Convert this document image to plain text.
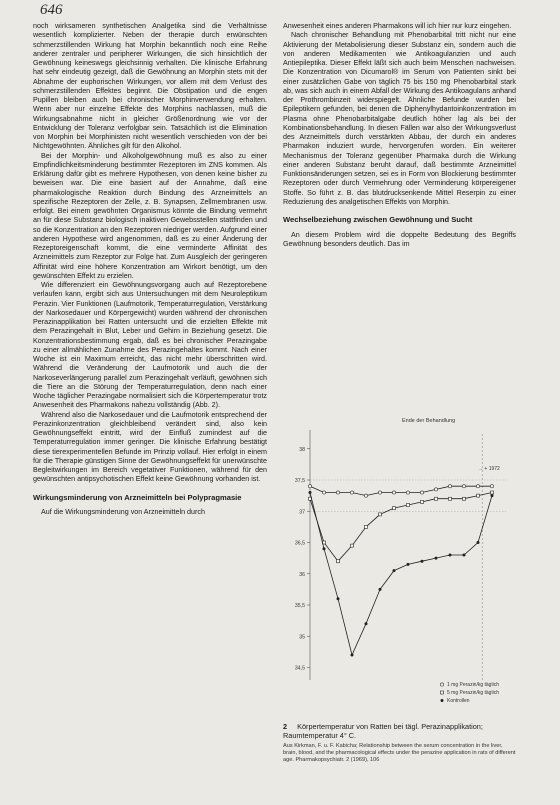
646

noch wirksameren synthetischen Analgetika sind die Verhältnisse wesentlich komplizierter. Neben der therapie durch erwünschten schmerzstillenden Wirkung hat Morphin bekanntlich noch eine Reihe anderer zentraler und peripherer Wirkungen, die sich hinsichtlich der Gewöhnung keineswegs gleichsinnig verhalten. Die klinische Erfahrung hat sehr eindeutig gezeigt, daß die Gewöhnung an Morphin stets mit der Abnahme der euphorischen Wirkungen, vor allem mit dem Verlust des schmerzstillenden Effektes beginnt. Die Obstipation und die engen Pupillen bleiben auch bei chronischer Morphinverwendung erhalten. Wenn aber nur einzelne Effekte des Morphins nachlassen, muß die Wirkungsabnahme nicht in gleicher Größenordnung wie vor der Entwicklung der Toleranz verfolgbar sein. Tatsächlich ist die Elimination von Morphin bei Morphinisten nicht wesentlich verschieden von der bei Nichtgewöhnten. Ähnliches gilt für den Alkohol.

Bei der Morphin- und Alkoholgewöhnung muß es also zu einer Empfindlichkeitsminderung bestimmter Rezeptoren im ZNS kommen. Als Erklärung dafür gibt es mehrere Hypothesen, von denen keine bisher zu beweisen war. Die eine basiert auf der Annahme, daß eine pharmakologische Reaktion durch Bindung des Arzneimittels an spezifische Rezeptoren der Zelle, z. B. Synapsen, Zellmembranen usw. erfolgt. Bei einem gewöhnten Organismus könnte die Bindung vermehrt an für diese Substanz biologisch inaktiven Gewebsstellen stattfinden und so die Konzentration an den Rezeptoren niedriger werden. Aufgrund einer anderen Hypothese wird angenommen, daß es zu einer Änderung der Rezeptoreigenschaft kommt, die eine verminderte Affinität des Arzneimittels zum Rezeptor zur Folge hat. Zum Ausgleich der geringeren Affinität wird eine höhere Konzentration am Wirkort benötigt, um den gewünschten Effekt zu erzielen.

Wie differenziert ein Gewöhnungsvorgang auch auf Rezeptorebene verlaufen kann, ergibt sich aus Untersuchungen mit dem Neuroleptikum Perazin. Vier Funktionen (Laufmotorik, Temperaturregulation, Verstärkung der Narkosedauer und Körpergewicht) wurden während der chronischen Perazinapplikation bei Ratten untersucht und die erzielten Effekte mit dem Perazingehalt in Blut, Leber und Gehirn in Beziehung gesetzt. Die Konzentrationsbestimmung ergab, daß es bei chronischer Perazingabe zu einer allmählichen Zunahme des Perazingehaltes kommt. Nach einer Woche ist ein Maximum erreicht, das nicht mehr überschritten wird. Während die Veränderung der Laufmotorik und auch die der Narkoseverlängerung parallel zum Perazingehalt verläuft, gewöhnen sich die Tiere an die Störung der Temperaturregulation, denn nach einer Woche täglicher Perazingabe normalisiert sich die Körpertemperatur trotz Anwesenheit des Pharmakons nahezu vollständig (Abb. 2).

Während also die Narkosedauer und die Laufmotorik entsprechend der Perazinkonzentration gleichbleibend verändert sind, also kein Gewöhnungseffekt eintritt, wird der Einfluß zumindest auf die Temperaturregulation immer geringer. Die klinische Erfahrung bestätigt diese tierexperimentellen Befunde im Prinzip vollauf. Hier erfolgt in einem für die Therapie günstigen Sinne der Gewöhnungseffekt für unerwünschte Begleitwirkungen im Bereich vegetativer Funktionen, während für den gewünschten antipsychotischen Effekt keine Gewöhnung vorhanden ist.

Wirkungsminderung von Arzneimitteln bei Polypragmasie

Auf die Wirkungsminderung von Arzneimitteln durch

Anwesenheit eines anderen Pharmakons will ich hier nur kurz eingehen.

Nach chronischer Behandlung mit Phenobarbital tritt nicht nur eine Aktivierung der Metabolisierung dieser Substanz ein, sondern auch die von anderen Medikamenten wie Antikoagulanzien und auch Antiepileptika. Dieser Effekt läßt sich auch beim Menschen nachweisen. Die Konzentration von Dicumarol® im Serum von Patienten sinkt bei einer zusätzlichen Gabe von täglich 75 bis 150 mg Phenobarbital stark ab, was sich auch in einem Abfall der Wirkung des Antikoagulans anhand der Prothrombinzeit widerspiegelt. Ähnliche Befunde wurden bei Epileptikern gefunden, bei denen die Diphenylhydantoinkonzentration im Plasma ohne Phenobarbitalgabe deutlich höher lag als bei der Kombinationsbehandlung. In diesen Fällen war also der Wirkungsverlust des Arzneimittels durch verstärkten Abbau, der durch ein anderes Pharmakon induziert wurde, hervorgerufen worden. Ein weiterer Mechanismus der Toleranz gegenüber Pharmaka durch die Wirkung einer anderen Substanz beruht darauf, daß bestimmte Arzneimittel Funktionsänderungen setzen, sei es in Form von Blockierung bestimmter Rezeptoren oder durch Vermehrung oder Verminderung körpereigener Stoffe. So führt z. B. das blutdrucksenkende Mittel Reserpin zu einer Reduzierung des analgetischen Effekts von Morphin.

Wechselbeziehung zwischen Gewöhnung und Sucht

An diesem Problem wird die doppelte Bedeutung des Begriffs Gewöhnung besonders deutlich. Das im

34,5
35
35,5
36
36,5
37
37,5
38
Ende der Behandlung
→ + 1972
1 mg Perazin/kg täglich
5 mg Perazin/kg täglich
Kontrollen
2 Körpertemperatur von Ratten bei tägl. Perazinapplikation; Raumtemperatur 4° C.
Aus Kirkman, F. u. F. Kabicha; Relationship between the serum concentration in the liver, brain, blood, and the pharmacological effects under the perazine application in rats of different age. Pharmakopsychiatr. 2 (1969), 106
